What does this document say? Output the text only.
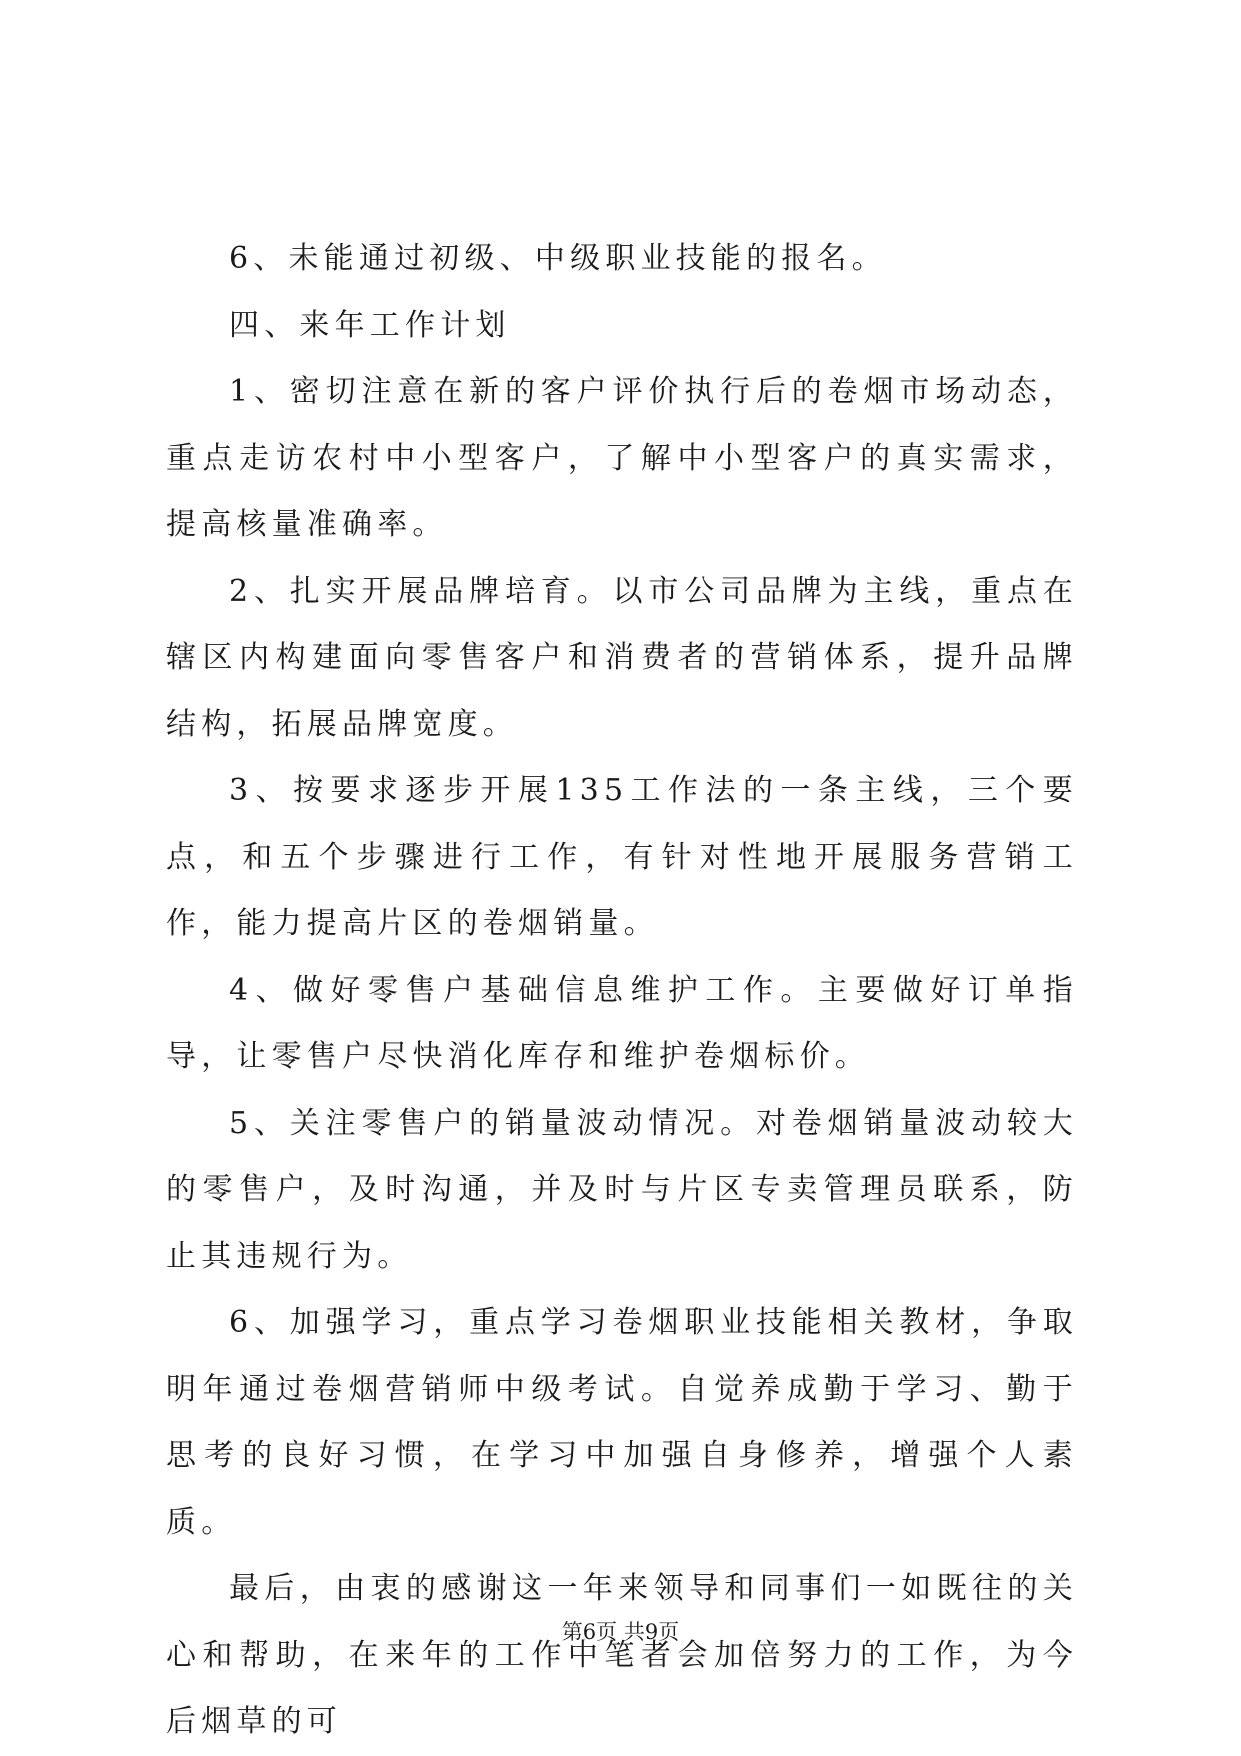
6、未能通过初级、中级职业技能的报名。

四、来年工作计划

1、密切注意在新的客户评价执行后的卷烟市场动态，重点走访农村中小型客户，了解中小型客户的真实需求，提高核量准确率。

2、扎实开展品牌培育。以市公司品牌为主线，重点在辖区内构建面向零售客户和消费者的营销体系，提升品牌结构，拓展品牌宽度。

3、按要求逐步开展135工作法的一条主线，三个要点，和五个步骤进行工作，有针对性地开展服务营销工作，能力提高片区的卷烟销量。

4、做好零售户基础信息维护工作。主要做好订单指导，让零售户尽快消化库存和维护卷烟标价。

5、关注零售户的销量波动情况。对卷烟销量波动较大的零售户，及时沟通，并及时与片区专卖管理员联系，防止其违规行为。

6、加强学习，重点学习卷烟职业技能相关教材，争取明年通过卷烟营销师中级考试。自觉养成勤于学习、勤于思考的良好习惯，在学习中加强自身修养，增强个人素质。

最后，由衷的感谢这一年来领导和同事们一如既往的关心和帮助，在来年的工作中笔者会加倍努力的工作，为今后烟草的可

第6页 共9页
